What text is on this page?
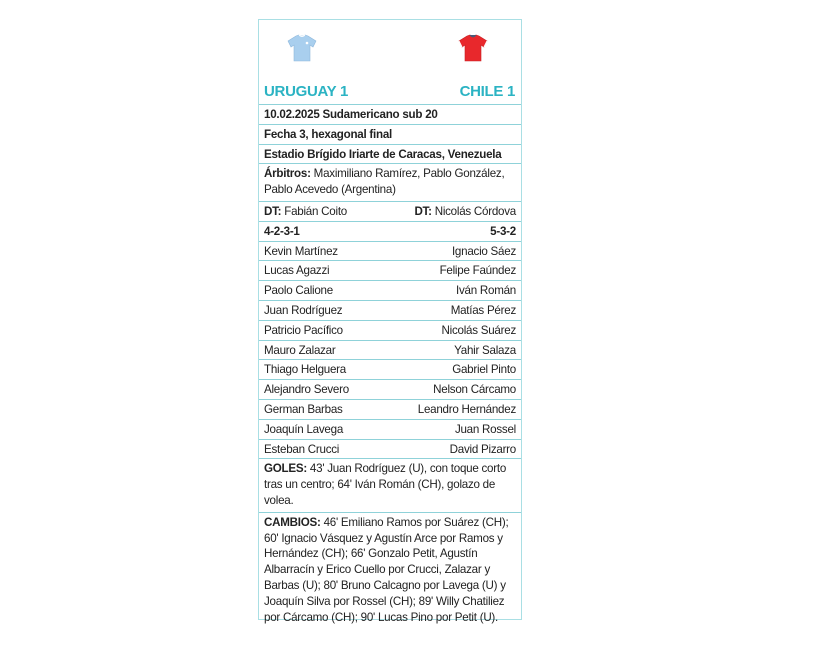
URUGUAY 1	CHILE 1
10.02.2025 Sudamericano sub 20
Fecha 3, hexagonal final
Estadio Brígido Iriarte de Caracas, Venezuela
Árbitros: Maximiliano Ramírez, Pablo González, Pablo Acevedo (Argentina)
DT: Fabián Coito	DT: Nicolás Córdova
4-2-3-1	5-3-2
Kevin Martínez	Ignacio Sáez
Lucas Agazzi	Felipe Faúndez
Paolo Calione	Iván Román
Juan Rodríguez	Matías Pérez
Patricio Pacífico	Nicolás Suárez
Mauro Zalazar	Yahir Salaza
Thiago Helguera	Gabriel Pinto
Alejandro Severo	Nelson Cárcamo
German Barbas	Leandro Hernández
Joaquín Lavega	Juan Rossel
Esteban Crucci	David Pizarro
GOLES: 43' Juan Rodríguez (U), con toque corto tras un centro; 64' Iván Román (CH), golazo de volea.
CAMBIOS: 46' Emiliano Ramos por Suárez (CH); 60' Ignacio Vásquez y Agustín Arce por Ramos y Hernández (CH); 66' Gonzalo Petit, Agustín Albarracín y Erico Cuello por Crucci, Zalazar y Barbas (U); 80' Bruno Calcagno por Lavega (U) y Joaquín Silva por Rossel (CH); 89' Willy Chatiliez por Cárcamo (CH); 90' Lucas Pino por Petit (U).
